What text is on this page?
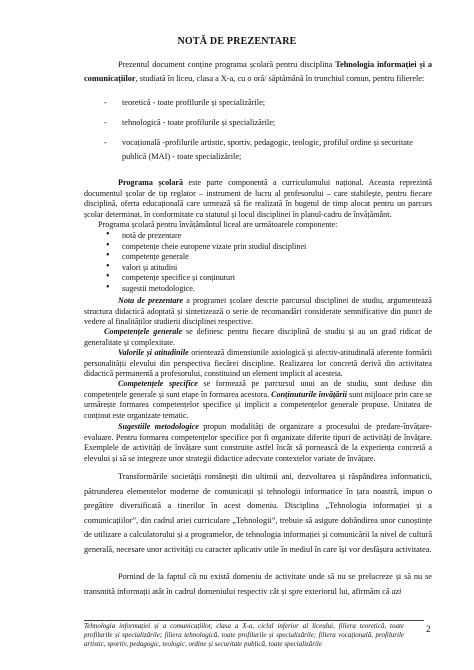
NOTĂ DE PREZENTARE

Prezentul document conține programa școlară pentru disciplina Tehnologia informației și a comunicațiilor, studiată în liceu, clasa a X-a, cu o oră/ săptămână în trunchiul comun, pentru filierele:

- teoretică - toate profilurile și specializările;
- tehnologică - toate profilurile și specializările;
- vocațională -profilurile artistic, sportiv, pedagogic, teologic, profilul ordine și securitate publică (MAI) - toate specializările;

Programa școlară este parte componentă a curriculumului național. Aceasta reprezintă documentul școlar de tip reglator – instrument de lucru al profesorului – care stabilește, pentru fiecare disciplină, oferta educațională care urmează să fie realizată în bugetul de timp alocat pentru un parcurs școlar determinat, în conformitate cu statutul și locul disciplinei în planul-cadru de învățământ.

Programa școlară pentru învățământul liceal are următoarele componente:

• notă de prezentare
• competențe cheie europene vizate prin studiul disciplinei
• competențe generale
• valori și atitudini
• competențe specifice și conținuturi
• sugestii metodologice.

Nota de prezentare a programei școlare descrie parcursul disciplinei de studiu, argumentează structura didactică adoptată și sintetizează o serie de recomandări considerate semnificative din punct de vedere al finalităților studierii disciplinei respective.

Competențele generale se definesc pentru fiecare disciplină de studiu și au un grad ridicat de generalitate și complexitate.

Valorile și atitudinile orientează dimensiunile axiologică și afectiv-atitudinală aferente formării personalității elevului din perspectiva fiecărei discipline. Realizarea lor concretă derivă din activitatea didactică permanentă a profesorului, constituind un element implicit al acesteia.

Competențele specifice se formează pe parcursul unui an de studiu, sunt deduse din competențele generale și sunt etape în formarea acestora. Conținuturile învățării sunt mijloace prin care se urmărește formarea competențelor specifice și implicit a competențelor generale propuse. Unitatea de conținut este organizate tematic.

Sugestiile metodologice propun modalități de organizare a procesului de predare-învățare-evaluare. Pentru formarea competențelor specifice pot fi organizate diferite tipuri de activități de învățare. Exemplele de activități de învățare sunt construite astfel încât să pornească de la experiența concretă a elevului și să se integreze unor strategii didactice adecvate contextelor variate de învățare.

Transformările societății românești din ultimii ani, dezvoltarea și răspândirea informaticii, pătrunderea elementelor moderne de comunicații și tehnologii informatice în țara noastră, impun o pregătire diversificată a tinerilor în acest domeniu. Disciplina „Tehnologia informației și a comunicațiilor”, din cadrul ariei curriculare „Tehnologii”, trebuie să asigure dobândirea unor cunoștințe de utilizare a calculatorului și a programelor, de tehnologia informației și comunicării la nivel de cultură generală, necesare unor activități cu caracter aplicativ utile în mediul în care își vor desfășura activitatea.

Pornind de la faptul că nu există domeniu de activitate unde să nu se prelucreze și să nu se transmită informații atât în cadrul domeniului respectiv cât și spre exteriorul lui, afirmăm că azi

Tehnologia informației și a comunicațiilor, clasa a X-a, ciclul inferior al liceului, filiera teoretică, toate profilurile și specializările; filiera tehnologică, toate profilurile și specializările; filiera vocațională, profilurile artistic, sportiv, pedagogic, teologic, ordine și securitate publică, toate specializările
2
